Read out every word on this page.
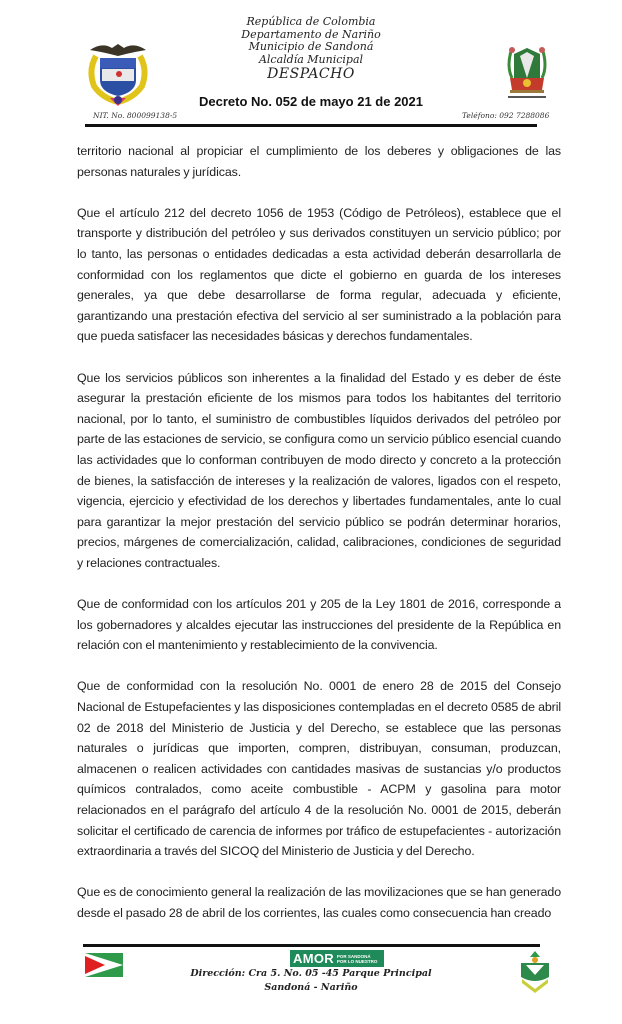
República de Colombia
Departamento de Nariño
Municipio de Sandoná
Alcaldía Municipal
DESPACHO
Decreto No. 052 de mayo 21 de 2021
NIT. No. 800099138-5	Teléfono: 092 7288086

territorio nacional al propiciar el cumplimiento de los deberes y obligaciones de las personas naturales y jurídicas.

Que el artículo 212 del decreto 1056 de 1953 (Código de Petróleos), establece que el transporte y distribución del petróleo y sus derivados constituyen un servicio público; por lo tanto, las personas o entidades dedicadas a esta actividad deberán desarrollarla de conformidad con los reglamentos que dicte el gobierno en guarda de los intereses generales, ya que debe desarrollarse de forma regular, adecuada y eficiente, garantizando una prestación efectiva del servicio al ser suministrado a la población para que pueda satisfacer las necesidades básicas y derechos fundamentales.

Que los servicios públicos son inherentes a la finalidad del Estado y es deber de éste asegurar la prestación eficiente de los mismos para todos los habitantes del territorio nacional, por lo tanto, el suministro de combustibles líquidos derivados del petróleo por parte de las estaciones de servicio, se configura como un servicio público esencial cuando las actividades que lo conforman contribuyen de modo directo y concreto a la protección de bienes, la satisfacción de intereses y la realización de valores, ligados con el respeto, vigencia, ejercicio y efectividad de los derechos y libertades fundamentales, ante lo cual para garantizar la mejor prestación del servicio público se podrán determinar horarios, precios, márgenes de comercialización, calidad, calibraciones, condiciones de seguridad y relaciones contractuales.

Que de conformidad con los artículos 201 y 205 de la Ley 1801 de 2016, corresponde a los gobernadores y alcaldes ejecutar las instrucciones del presidente de la República en relación con el mantenimiento y restablecimiento de la convivencia.

Que de conformidad con la resolución No. 0001 de enero 28 de 2015 del Consejo Nacional de Estupefacientes y las disposiciones contempladas en el decreto 0585 de abril 02 de 2018 del Ministerio de Justicia y del Derecho, se establece que las personas naturales o jurídicas que importen, compren, distribuyan, consuman, produzcan, almacenen o realicen actividades con cantidades masivas de sustancias y/o productos químicos contralados, como aceite combustible - ACPM y gasolina para motor relacionados en el parágrafo del artículo 4 de la resolución No. 0001 de 2015, deberán solicitar el certificado de carencia de informes por tráfico de estupefacientes - autorización extraordinaria a través del SICOQ del Ministerio de Justicia y del Derecho.

Que es de conocimiento general la realización de las movilizaciones que se han generado desde el pasado 28 de abril de los corrientes, las cuales como consecuencia han creado

AMOR POR SANDONÁ
POR LO NUESTRO
Dirección: Cra 5. No. 05 -45 Parque Principal
Sandoná - Nariño
